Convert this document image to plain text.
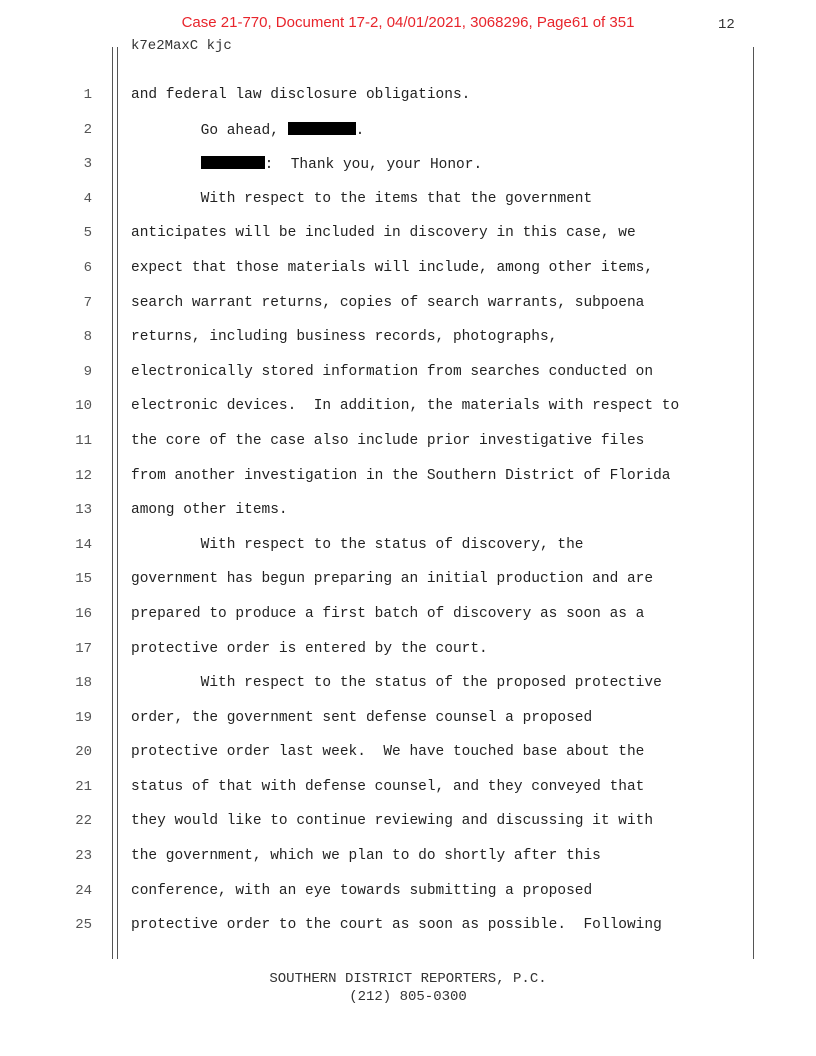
Case 21-770, Document 17-2, 04/01/2021, 3068296, Page61 of 351	12
k7e2MaxC kjc
1	and federal law disclosure obligations.
2	Go ahead,	.
3	:  Thank you, your Honor.
4	With respect to the items that the government
5	anticipates will be included in discovery in this case, we
6	expect that those materials will include, among other items,
7	search warrant returns, copies of search warrants, subpoena
8	returns, including business records, photographs,
9	electronically stored information from searches conducted on
10	electronic devices.  In addition, the materials with respect to
11	the core of the case also include prior investigative files
12	from another investigation in the Southern District of Florida
13	among other items.
14	With respect to the status of discovery, the
15	government has begun preparing an initial production and are
16	prepared to produce a first batch of discovery as soon as a
17	protective order is entered by the court.
18	With respect to the status of the proposed protective
19	order, the government sent defense counsel a proposed
20	protective order last week.  We have touched base about the
21	status of that with defense counsel, and they conveyed that
22	they would like to continue reviewing and discussing it with
23	the government, which we plan to do shortly after this
24	conference, with an eye towards submitting a proposed
25	protective order to the court as soon as possible.  Following
SOUTHERN DISTRICT REPORTERS, P.C.
(212) 805-0300
